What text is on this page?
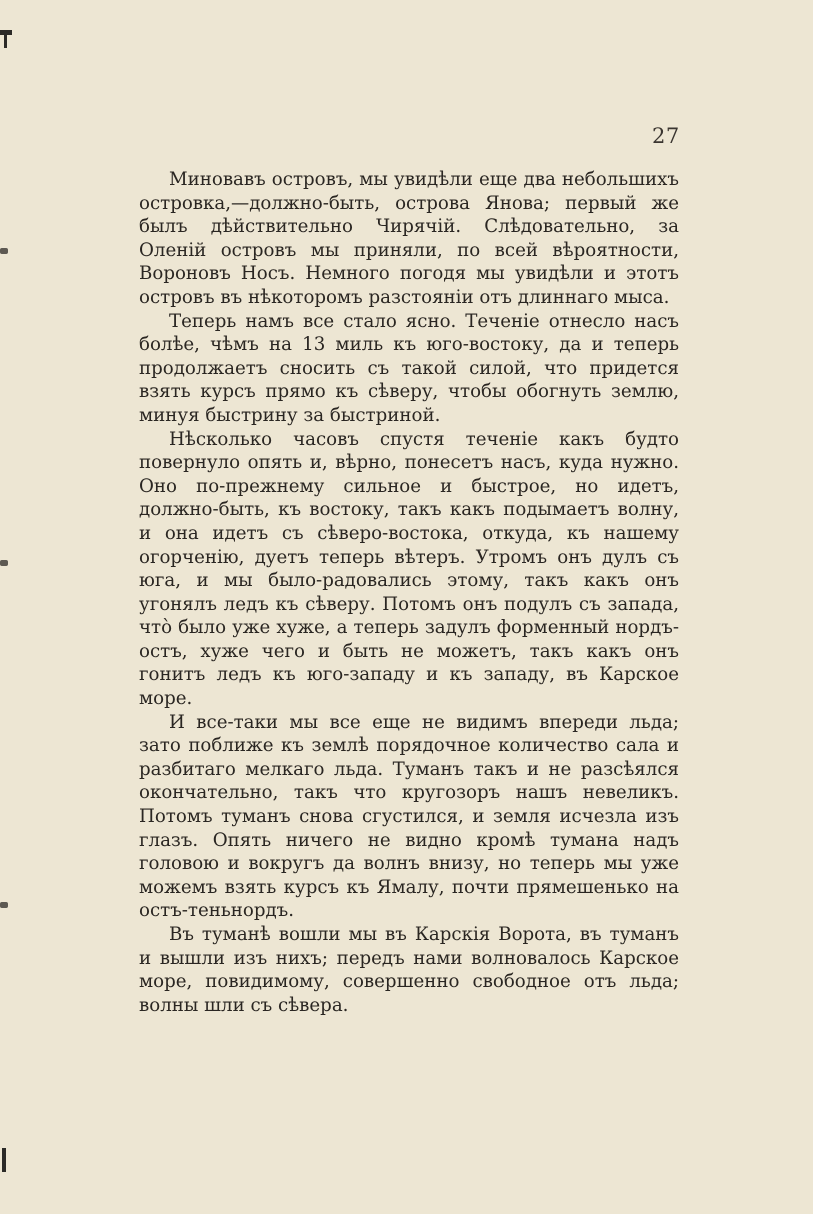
27

Миновавъ островъ, мы увидѣли еще два небольшихъ островка,—должно-быть, острова Янова; первый же былъ дѣйствительно Чирячій. Слѣдовательно, за Оленій островъ мы приняли, по всей вѣроятности, Вороновъ Носъ. Немного погодя мы увидѣли и этотъ островъ въ нѣкоторомъ разстояніи отъ длиннаго мыса.

Теперь намъ все стало ясно. Теченіе отнесло насъ болѣе, чѣмъ на 13 миль къ юго-востоку, да и теперь продолжаетъ сносить съ такой силой, что придется взять курсъ прямо къ сѣверу, чтобы обогнуть землю, минуя быстрину за быстриной.

Нѣсколько часовъ спустя теченіе какъ будто повернуло опять и, вѣрно, понесетъ насъ, куда нужно. Оно по-прежнему сильное и быстрое, но идетъ, должно-быть, къ востоку, такъ какъ подымаетъ волну, и она идетъ съ сѣверо-востока, откуда, къ нашему огорченію, дуетъ теперь вѣтеръ. Утромъ онъ дулъ съ юга, и мы было-радовались этому, такъ какъ онъ угонялъ ледъ къ сѣверу. Потомъ онъ подулъ съ запада, что̀ было уже хуже, а теперь задулъ форменный нордъ-остъ, хуже чего и быть не можетъ, такъ какъ онъ гонитъ ледъ къ юго-западу и къ западу, въ Карское море.

И все-таки мы все еще не видимъ впереди льда; зато поближе къ землѣ порядочное количество сала и разбитаго мелкаго льда. Туманъ такъ и не разсѣялся окончательно, такъ что кругозоръ нашъ невеликъ. Потомъ туманъ снова сгустился, и земля исчезла изъ глазъ. Опять ничего не видно кромѣ тумана надъ головою и вокругъ да волнъ внизу, но теперь мы уже можемъ взять курсъ къ Ямалу, почти прямешенько на остъ-теньнордъ.

Въ туманѣ вошли мы въ Карскія Ворота, въ туманъ и вышли изъ нихъ; передъ нами волновалось Карское море, повидимому, совершенно свободное отъ льда; волны шли съ сѣвера.
